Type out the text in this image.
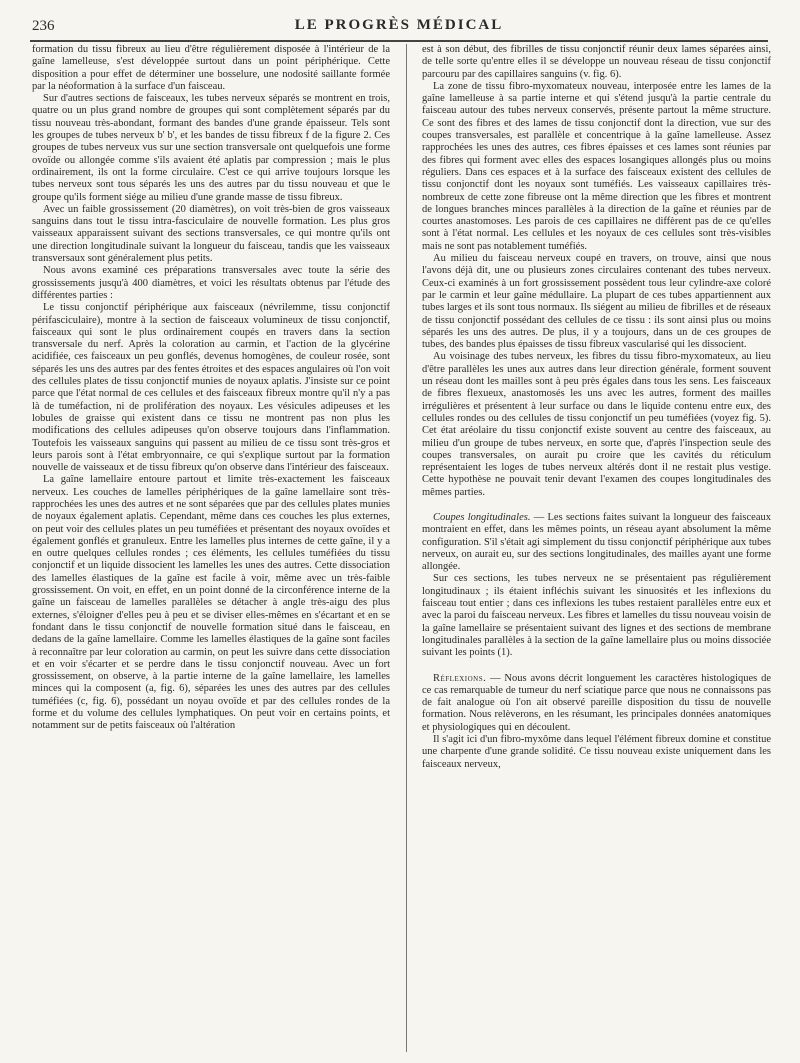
236	LE PROGRÈS MÉDICAL

formation du tissu fibreux au lieu d'être régulièrement disposée à l'intérieur de la gaîne lamelleuse, s'est développée surtout dans un point périphérique. Cette disposition a pour effet de déterminer une bosselure, une nodosité saillante formée par la néoformation à la surface d'un faisceau.

Sur d'autres sections de faisceaux, les tubes nerveux séparés se montrent en trois, quatre ou un plus grand nombre de groupes qui sont complètement séparés par du tissu nouveau très-abondant, formant des bandes d'une grande épaisseur. Tels sont les groupes de tubes nerveux b' b', et les bandes de tissu fibreux f de la figure 2. Ces groupes de tubes nerveux vus sur une section transversale ont quelquefois une forme ovoïde ou allongée comme s'ils avaient été aplatis par compression ; mais le plus ordinairement, ils ont la forme circulaire. C'est ce qui arrive toujours lorsque les tubes nerveux sont tous séparés les uns des autres par du tissu nouveau et que le groupe qu'ils forment siége au milieu d'une grande masse de tissu fibreux.

Avec un faible grossissement (20 diamètres), on voit très-bien de gros vaisseaux sanguins dans tout le tissu intra-fasciculaire de nouvelle formation. Les plus gros vaisseaux apparaissent suivant des sections transversales, ce qui montre qu'ils ont une direction longitudinale suivant la longueur du faisceau, tandis que les vaisseaux transversaux sont généralement plus petits.

Nous avons examiné ces préparations transversales avec toute la série des grossissements jusqu'à 400 diamètres, et voici les résultats obtenus par l'étude des différentes parties :

Le tissu conjonctif périphérique aux faisceaux (névrilemme, tissu conjonctif périfasciculaire), montre à la section de faisceaux volumineux de tissu conjonctif, faisceaux qui sont le plus ordinairement coupés en travers dans la section transversale du nerf. Après la coloration au carmin, et l'action de la glycérine acidifiée, ces faisceaux un peu gonflés, devenus homogènes, de couleur rosée, sont séparés les uns des autres par des fentes étroites et des espaces angulaires où l'on voit des cellules plates de tissu conjonctif munies de noyaux aplatis. J'insiste sur ce point parce que l'état normal de ces cellules et des faisceaux fibreux montre qu'il n'y a pas là de tuméfaction, ni de prolifération des noyaux. Les vésicules adipeuses et les lobules de graisse qui existent dans ce tissu ne montrent pas non plus les modifications des cellules adipeuses qu'on observe toujours dans l'inflammation. Toutefois les vaisseaux sanguins qui passent au milieu de ce tissu sont très-gros et leurs parois sont à l'état embryonnaire, ce qui s'explique surtout par la formation nouvelle de vaisseaux et de tissu fibreux qu'on observe dans l'intérieur des faisceaux.

La gaîne lamellaire entoure partout et limite très-exactement les faisceaux nerveux. Les couches de lamelles périphériques de la gaîne lamellaire sont très-rapprochées les unes des autres et ne sont séparées que par des cellules plates munies de noyaux également aplatis. Cependant, même dans ces couches les plus externes, on peut voir des cellules plates un peu tuméfiées et présentant des noyaux ovoïdes et également gonflés et granuleux. Entre les lamelles plus internes de cette gaîne, il y a en outre quelques cellules rondes ; ces éléments, les cellules tuméfiées du tissu conjonctif et un liquide dissocient les lamelles les unes des autres. Cette dissociation des lamelles élastiques de la gaîne est facile à voir, même avec un très-faible grossissement. On voit, en effet, en un point donné de la circonférence interne de la gaîne un faisceau de lamelles parallèles se détacher à angle très-aigu des plus externes, s'éloigner d'elles peu à peu et se diviser elles-mêmes en s'écartant et en se fondant dans le tissu conjonctif de nouvelle formation situé dans le faisceau, en dedans de la gaîne lamellaire. Comme les lamelles élastiques de la gaîne sont faciles à reconnaître par leur coloration au carmin, on peut les suivre dans cette dissociation et en voir s'écarter et se perdre dans le tissu conjonctif nouveau. Avec un fort grossissement, on observe, à la partie interne de la gaîne lamellaire, les lamelles minces qui la composent (a, fig. 6), séparées les unes des autres par des cellules tuméfiées (c, fig. 6), possédant un noyau ovoïde et par des cellules rondes de la forme et du volume des cellules lymphatiques. On peut voir en certains points, et notamment sur de petits faisceaux où l'altération

est à son début, des fibrilles de tissu conjonctif réunir deux lames séparées ainsi, de telle sorte qu'entre elles il se développe un nouveau réseau de tissu conjonctif parcouru par des capillaires sanguins (v. fig. 6).

La zone de tissu fibro-myxomateux nouveau, interposée entre les lames de la gaîne lamelleuse à sa partie interne et qui s'étend jusqu'à la partie centrale du faisceau autour des tubes nerveux conservés, présente partout la même structure. Ce sont des fibres et des lames de tissu conjonctif dont la direction, vue sur des coupes transversales, est parallèle et concentrique à la gaîne lamelleuse. Assez rapprochées les unes des autres, ces fibres épaisses et ces lames sont réunies par des fibres qui forment avec elles des espaces losangiques allongés plus ou moins réguliers. Dans ces espaces et à la surface des faisceaux existent des cellules de tissu conjonctif dont les noyaux sont tuméfiés. Les vaisseaux capillaires très-nombreux de cette zone fibreuse ont la même direction que les fibres et montrent de longues branches minces parallèles à la direction de la gaîne et réunies par de courtes anastomoses. Les parois de ces capillaires ne diffèrent pas de ce qu'elles sont à l'état normal. Les cellules et les noyaux de ces cellules sont très-visibles mais ne sont pas notablement tuméfiés.

Au milieu du faisceau nerveux coupé en travers, on trouve, ainsi que nous l'avons déjà dit, une ou plusieurs zones circulaires contenant des tubes nerveux. Ceux-ci examinés à un fort grossissement possèdent tous leur cylindre-axe coloré par le carmin et leur gaîne médullaire. La plupart de ces tubes appartiennent aux tubes larges et ils sont tous normaux. Ils siégent au milieu de fibrilles et de réseaux de tissu conjonctif possédant des cellules de ce tissu : ils sont ainsi plus ou moins séparés les uns des autres. De plus, il y a toujours, dans un de ces groupes de tubes, des bandes plus épaisses de tissu fibreux vascularisé qui les dissocient.

Au voisinage des tubes nerveux, les fibres du tissu fibro-myxomateux, au lieu d'être parallèles les unes aux autres dans leur direction générale, forment souvent un réseau dont les mailles sont à peu près égales dans tous les sens. Les faisceaux de fibres flexueux, anastomosés les uns avec les autres, forment des mailles irrégulières et présentent à leur surface ou dans le liquide contenu entre eux, des cellules rondes ou des cellules de tissu conjonctif un peu tuméfiées (voyez fig. 5). Cet état aréolaire du tissu conjonctif existe souvent au centre des faisceaux, au milieu d'un groupe de tubes nerveux, en sorte que, d'après l'inspection seule des coupes transversales, on aurait pu croire que les cavités du réticulum représentaient les loges de tubes nerveux altérés dont il ne restait plus vestige. Cette hypothèse ne pouvait tenir devant l'examen des coupes longitudinales des mêmes parties.

Coupes longitudinales. — Les sections faites suivant la longueur des faisceaux montraient en effet, dans les mêmes points, un réseau ayant absolument la même configuration. S'il s'était agi simplement du tissu conjonctif périphérique aux tubes nerveux, on aurait eu, sur des sections longitudinales, des mailles ayant une forme allongée.

Sur ces sections, les tubes nerveux ne se présentaient pas régulièrement longitudinaux ; ils étaient infléchis suivant les sinuosités et les inflexions du faisceau tout entier ; dans ces inflexions les tubes restaient parallèles entre eux et avec la paroi du faisceau nerveux. Les fibres et lamelles du tissu nouveau voisin de la gaîne lamellaire se présentaient suivant des lignes et des sections de membrane longitudinales parallèles à la section de la gaîne lamellaire plus ou moins dissociée suivant les points (1).

Réflexions. — Nous avons décrit longuement les caractères histologiques de ce cas remarquable de tumeur du nerf sciatique parce que nous ne connaissons pas de fait analogue où l'on ait observé pareille disposition du tissu de nouvelle formation. Nous relèverons, en les résumant, les principales données anatomiques et physiologiques qui en découlent.

Il s'agit ici d'un fibro-myxôme dans lequel l'élément fibreux domine et constitue une charpente d'une grande solidité. Ce tissu nouveau existe uniquement dans les faisceaux nerveux,
